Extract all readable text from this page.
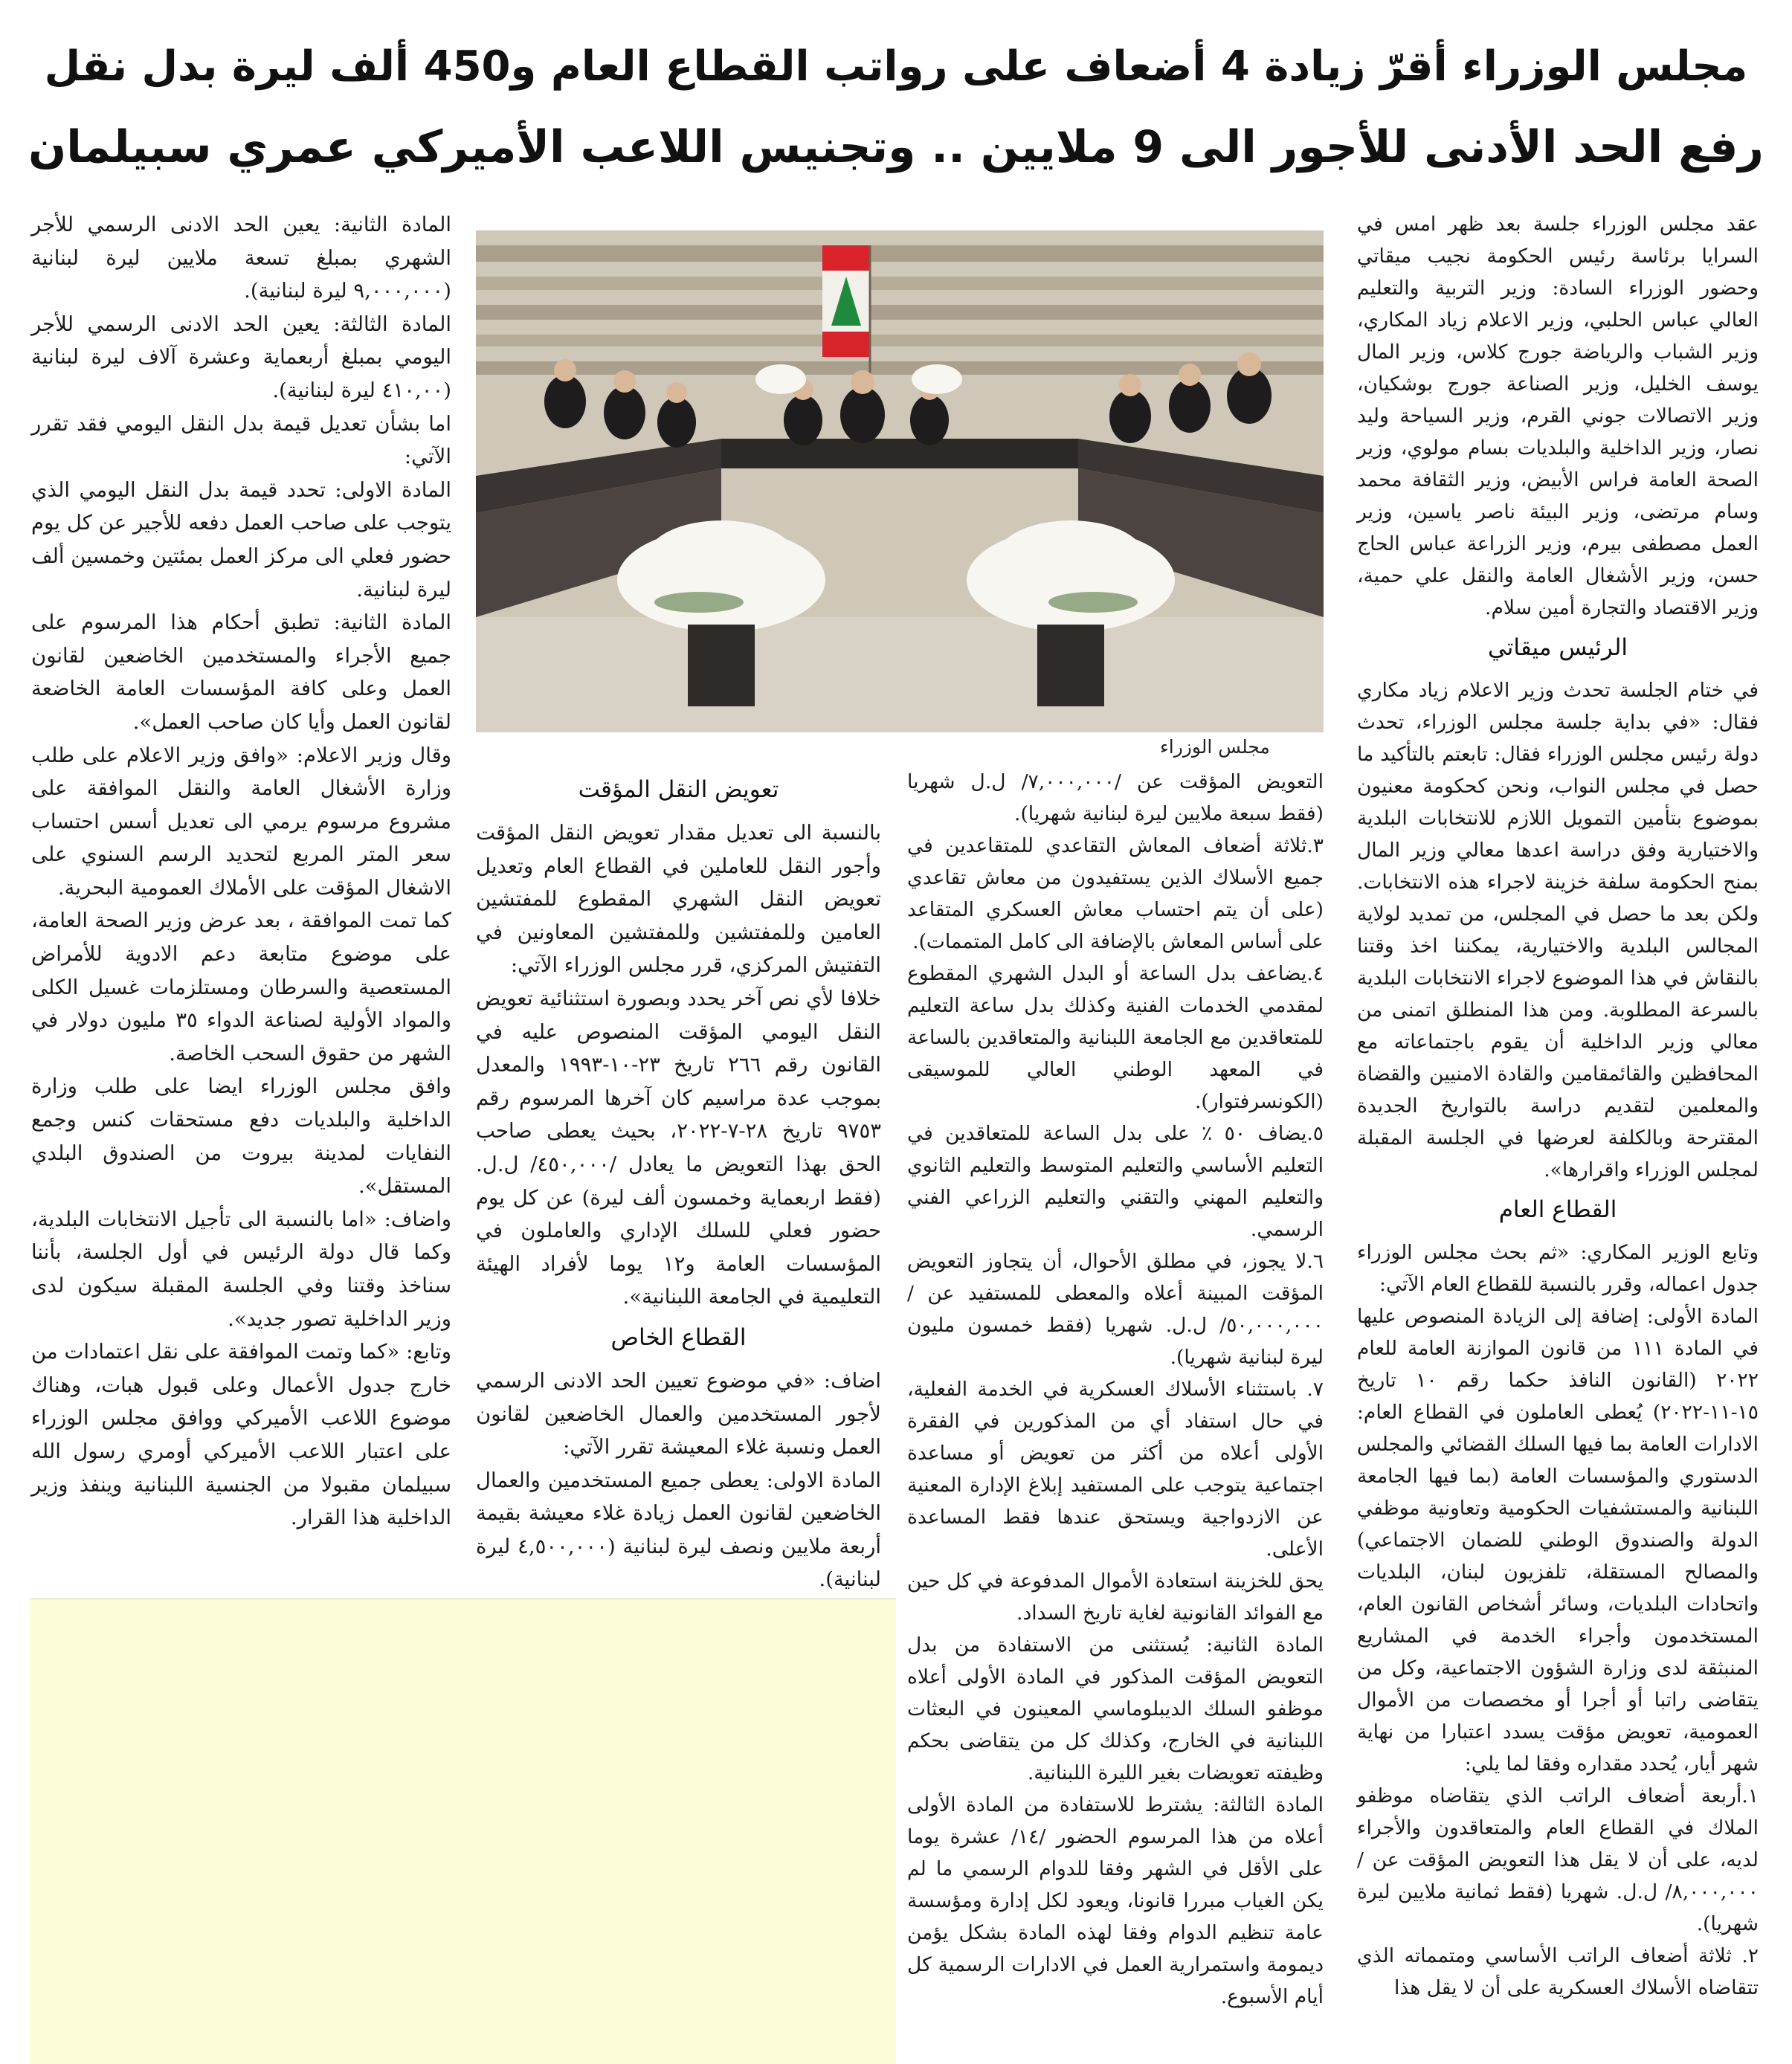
مجلس الوزراء أقرّ زيادة 4 أضعاف على رواتب القطاع العام و450 ألف ليرة بدل نقل
رفع الحد الأدنى للأجور الى 9 ملايين .. وتجنيس اللاعب الأميركي عمري سبيلمان

عقد مجلس الوزراء جلسة بعد ظهر امس في السرايا برئاسة رئيس الحكومة نجيب ميقاتي وحضور الوزراء السادة: وزير التربية والتعليم العالي عباس الحلبي، وزير الاعلام زياد المكاري، وزير الشباب والرياضة جورج كلاس، وزير المال يوسف الخليل، وزير الصناعة جورج بوشكيان، وزير الاتصالات جوني القرم، وزير السياحة وليد نصار، وزير الداخلية والبلديات بسام مولوي، وزير الصحة العامة فراس الأبيض، وزير الثقافة محمد وسام مرتضى، وزير البيئة ناصر ياسين، وزير العمل مصطفى بيرم، وزير الزراعة عباس الحاج حسن، وزير الأشغال العامة والنقل علي حمية، وزير الاقتصاد والتجارة أمين سلام.

الرئيس ميقاتي

في ختام الجلسة تحدث وزير الاعلام زياد مكاري فقال: «في بداية جلسة مجلس الوزراء، تحدث دولة رئيس مجلس الوزراء فقال: تابعتم بالتأكيد ما حصل في مجلس النواب، ونحن كحكومة معنيون بموضوع بتأمين التمويل اللازم للانتخابات البلدية والاختيارية وفق دراسة اعدها معالي وزير المال بمنح الحكومة سلفة خزينة لاجراء هذه الانتخابات. ولكن بعد ما حصل في المجلس، من تمديد لولاية المجالس البلدية والاختيارية، يمكننا اخذ وقتنا بالنقاش في هذا الموضوع لاجراء الانتخابات البلدية بالسرعة المطلوبة. ومن هذا المنطلق اتمنى من معالي وزير الداخلية أن يقوم باجتماعاته مع المحافظين والقائمقامين والقادة الامنيين والقضاة والمعلمين لتقديم دراسة بالتواريخ الجديدة المقترحة وبالكلفة لعرضها في الجلسة المقبلة لمجلس الوزراء واقرارها».

القطاع العام

وتابع الوزير المكاري: «ثم بحث مجلس الوزراء جدول اعماله، وقرر بالنسبة للقطاع العام الآتي:

المادة الأولى: إضافة إلى الزيادة المنصوص عليها في المادة ١١١ من قانون الموازنة العامة للعام ٢٠٢٢ (القانون النافذ حكما رقم ١٠ تاريخ ١٥-١١-٢٠٢٢) يُعطى العاملون في القطاع العام: الادارات العامة بما فيها السلك القضائي والمجلس الدستوري والمؤسسات العامة (بما فيها الجامعة اللبنانية والمستشفيات الحكومية وتعاونية موظفي الدولة والصندوق الوطني للضمان الاجتماعي) والمصالح المستقلة، تلفزيون لبنان، البلديات واتحادات البلديات، وسائر أشخاص القانون العام، المستخدمون وأجراء الخدمة في المشاريع المنبثقة لدى وزارة الشؤون الاجتماعية، وكل من يتقاضى راتبا أو أجرا أو مخصصات من الأموال العمومية، تعويض مؤقت يسدد اعتبارا من نهاية شهر أيار، يُحدد مقداره وفقا لما يلي:

١.أربعة أضعاف الراتب الذي يتقاضاه موظفو الملاك في القطاع العام والمتعاقدون والأجراء لديه، على أن لا يقل هذا التعويض المؤقت عن /٨,٠٠٠,٠٠٠/ ل.ل. شهريا (فقط ثمانية ملايين ليرة شهريا).

٢. ثلاثة أضعاف الراتب الأساسي ومتمماته الذي تتقاضاه الأسلاك العسكرية على أن لا يقل هذا

مجلس الوزراء

التعويض المؤقت عن /٧,٠٠٠,٠٠٠/ ل.ل شهريا (فقط سبعة ملايين ليرة لبنانية شهريا).

٣.ثلاثة أضعاف المعاش التقاعدي للمتقاعدين في جميع الأسلاك الذين يستفيدون من معاش تقاعدي (على أن يتم احتساب معاش العسكري المتقاعد على أساس المعاش بالإضافة الى كامل المتممات).

٤.يضاعف بدل الساعة أو البدل الشهري المقطوع لمقدمي الخدمات الفنية وكذلك بدل ساعة التعليم للمتعاقدين مع الجامعة اللبنانية والمتعاقدين بالساعة في المعهد الوطني العالي للموسيقى (الكونسرفتوار).

٥.يضاف ٥٠ ٪ على بدل الساعة للمتعاقدين في التعليم الأساسي والتعليم المتوسط والتعليم الثانوي والتعليم المهني والتقني والتعليم الزراعي الفني الرسمي.

٦.لا يجوز، في مطلق الأحوال، أن يتجاوز التعويض المؤقت المبينة أعلاه والمعطى للمستفيد عن /٥٠,٠٠٠,٠٠٠/ ل.ل. شهريا (فقط خمسون مليون ليرة لبنانية شهريا).

٧. باستثناء الأسلاك العسكرية في الخدمة الفعلية، في حال استفاد أي من المذكورين في الفقرة الأولى أعلاه من أكثر من تعويض أو مساعدة اجتماعية يتوجب على المستفيد إبلاغ الإدارة المعنية عن الازدواجية ويستحق عندها فقط المساعدة الأعلى.

يحق للخزينة استعادة الأموال المدفوعة في كل حين مع الفوائد القانونية لغاية تاريخ السداد.

المادة الثانية: يُستثنى من الاستفادة من بدل التعويض المؤقت المذكور في المادة الأولى أعلاه موظفو السلك الديبلوماسي المعينون في البعثات اللبنانية في الخارج، وكذلك كل من يتقاضى بحكم وظيفته تعويضات بغير الليرة اللبنانية.

المادة الثالثة: يشترط للاستفادة من المادة الأولى أعلاه من هذا المرسوم الحضور /١٤/ عشرة يوما على الأقل في الشهر وفقا للدوام الرسمي ما لم يكن الغياب مبررا قانونا، ويعود لكل إدارة ومؤسسة عامة تنظيم الدوام وفقا لهذه المادة بشكل يؤمن ديمومة واستمرارية العمل في الادارات الرسمية كل أيام الأسبوع.

تعويض النقل المؤقت

بالنسبة الى تعديل مقدار تعويض النقل المؤقت وأجور النقل للعاملين في القطاع العام وتعديل تعويض النقل الشهري المقطوع للمفتشين العامين وللمفتشين وللمفتشين المعاونين في التفتيش المركزي، قرر مجلس الوزراء الآتي:

خلافا لأي نص آخر يحدد وبصورة استثنائية تعويض النقل اليومي المؤقت المنصوص عليه في القانون رقم ٢٦٦ تاريخ ٢٣-١٠-١٩٩٣ والمعدل بموجب عدة مراسيم كان آخرها المرسوم رقم ٩٧٥٣ تاريخ ٢٨-٧-٢٠٢٢، بحيث يعطى صاحب الحق بهذا التعويض ما يعادل /٤٥٠,٠٠٠/ ل.ل. (فقط اربعماية وخمسون ألف ليرة) عن كل يوم حضور فعلي للسلك الإداري والعاملون في المؤسسات العامة و١٢ يوما لأفراد الهيئة التعليمية في الجامعة اللبنانية».

القطاع الخاص

اضاف: «في موضوع تعيين الحد الادنى الرسمي لأجور المستخدمين والعمال الخاضعين لقانون العمل ونسبة غلاء المعيشة تقرر الآتي:

المادة الاولى: يعطى جميع المستخدمين والعمال الخاضعين لقانون العمل زيادة غلاء معيشة بقيمة أربعة ملايين ونصف ليرة لبنانية (٤,٥٠٠,٠٠٠ ليرة لبنانية).

المادة الثانية: يعين الحد الادنى الرسمي للأجر الشهري بمبلغ تسعة ملايين ليرة لبنانية (٩,٠٠٠,٠٠٠ ليرة لبنانية).

المادة الثالثة: يعين الحد الادنى الرسمي للأجر اليومي بمبلغ أربعماية وعشرة آلاف ليرة لبنانية (٤١٠,٠٠ ليرة لبنانية).

اما بشأن تعديل قيمة بدل النقل اليومي فقد تقرر الآتي:

المادة الاولى: تحدد قيمة بدل النقل اليومي الذي يتوجب على صاحب العمل دفعه للأجير عن كل يوم حضور فعلي الى مركز العمل بمئتين وخمسين ألف ليرة لبنانية.

المادة الثانية: تطبق أحكام هذا المرسوم على جميع الأجراء والمستخدمين الخاضعين لقانون العمل وعلى كافة المؤسسات العامة الخاضعة لقانون العمل وأيا كان صاحب العمل».

وقال وزير الاعلام: «وافق وزير الاعلام على طلب وزارة الأشغال العامة والنقل الموافقة على مشروع مرسوم يرمي الى تعديل أسس احتساب سعر المتر المربع لتحديد الرسم السنوي على الاشغال المؤقت على الأملاك العمومية البحرية.

كما تمت الموافقة ، بعد عرض وزير الصحة العامة، على موضوع متابعة دعم الادوية للأمراض المستعصية والسرطان ومستلزمات غسيل الكلى والمواد الأولية لصناعة الدواء ٣٥ مليون دولار في الشهر من حقوق السحب الخاصة.

وافق مجلس الوزراء ايضا على طلب وزارة الداخلية والبلديات دفع مستحقات كنس وجمع النفايات لمدينة بيروت من الصندوق البلدي المستقل».

واضاف: «اما بالنسبة الى تأجيل الانتخابات البلدية، وكما قال دولة الرئيس في أول الجلسة، بأننا سناخذ وقتنا وفي الجلسة المقبلة سيكون لدى وزير الداخلية تصور جديد».

وتابع: «كما وتمت الموافقة على نقل اعتمادات من خارج جدول الأعمال وعلى قبول هبات، وهناك موضوع اللاعب الأميركي ووافق مجلس الوزراء على اعتبار اللاعب الأميركي أومري رسول الله سبيلمان مقبولا من الجنسية اللبنانية وينفذ وزير الداخلية هذا القرار.
